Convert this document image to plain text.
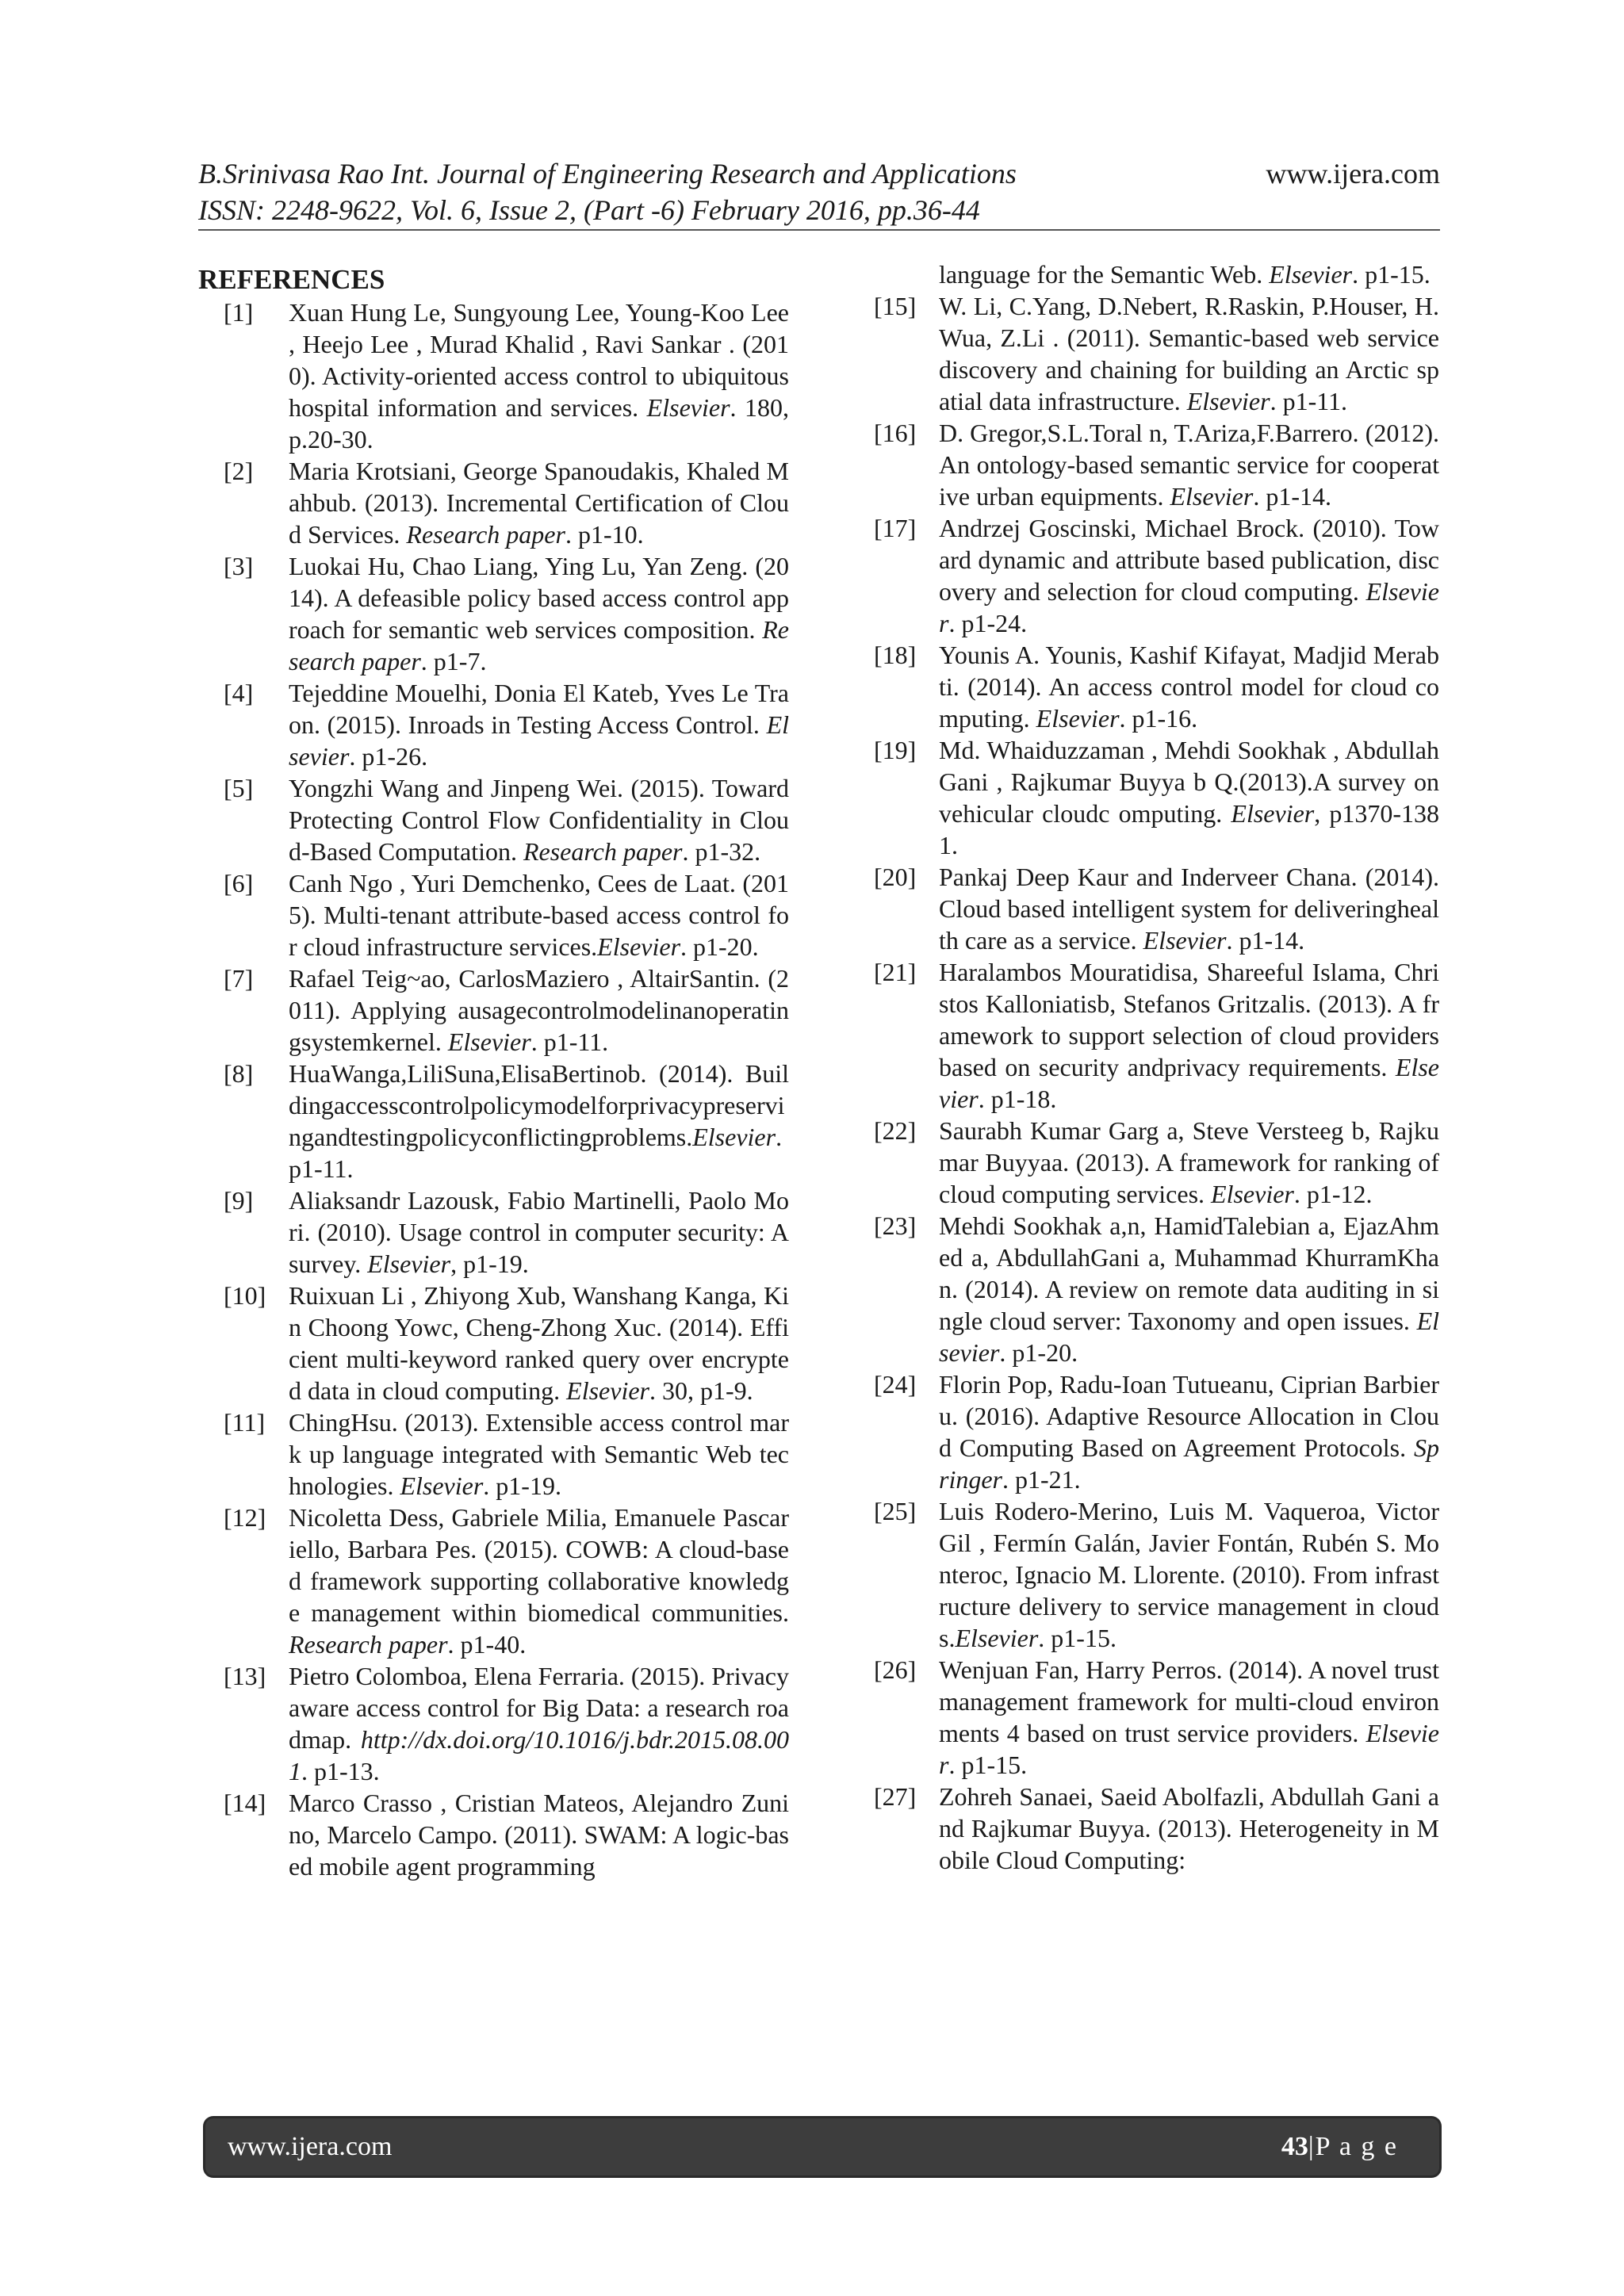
B.Srinivasa Rao Int. Journal of Engineering Research and Applications	www.ijera.com
ISSN: 2248-9622, Vol. 6, Issue 2, (Part -6) February 2016, pp.36-44
REFERENCES
[1]	Xuan Hung Le, Sungyoung Lee, Young-Koo Lee , Heejo Lee , Murad Khalid , Ravi Sankar . (2010). Activity-oriented access control to ubiquitous hospital information and services. Elsevier. 180, p.20-30.
[2]	Maria Krotsiani, George Spanoudakis, Khaled Mahbub. (2013). Incremental Certification of Cloud Services. Research paper. p1-10.
[3]	Luokai Hu, Chao Liang, Ying Lu, Yan Zeng. (2014). A defeasible policy based access control approach for semantic web services composition. Research paper. p1-7.
[4]	Tejeddine Mouelhi, Donia El Kateb, Yves Le Traon. (2015). Inroads in Testing Access Control. Elsevier. p1-26.
[5]	Yongzhi Wang and Jinpeng Wei. (2015). Toward Protecting Control Flow Confidentiality in Cloud-Based Computation. Research paper. p1-32.
[6]	Canh Ngo , Yuri Demchenko, Cees de Laat. (2015). Multi-tenant attribute-based access control for cloud infrastructure services.Elsevier. p1-20.
[7]	Rafael Teig~ao, CarlosMaziero , AltairSantin. (2011). Applying ausagecontrolmodelinanoperatingsystemkernel. Elsevier. p1-11.
[8]	HuaWanga,LiliSuna,ElisaBertinob. (2014). Buildingaccesscontrolpolicymodelforprivacypreservingandtestingpolicyconflictingproblems.Elsevier. p1-11.
[9]	Aliaksandr Lazousk, Fabio Martinelli, Paolo Mori. (2010). Usage control in computer security: A survey. Elsevier, p1-19.
[10] Ruixuan Li , Zhiyong Xub, Wanshang Kanga, Kin Choong Yowc, Cheng-Zhong Xuc. (2014). Efficient multi-keyword ranked query over encrypted data in cloud computing. Elsevier. 30, p1-9.
[11] ChingHsu. (2013). Extensible access control mark up language integrated with Semantic Web technologies. Elsevier. p1-19.
[12] Nicoletta Dess, Gabriele Milia, Emanuele Pascariello, Barbara Pes. (2015). COWB: A cloud-based framework supporting collaborative knowledge management within biomedical communities. Research paper. p1-40.
[13] Pietro Colomboa, Elena Ferraria. (2015). Privacy aware access control for Big Data: a research roadmap. http://dx.doi.org/10.1016/j.bdr.2015.08.001. p1-13.
[14] Marco Crasso , Cristian Mateos, Alejandro Zunino, Marcelo Campo. (2011). SWAM: A logic-based mobile agent programming
language for the Semantic Web. Elsevier. p1-15.
[15] W. Li, C.Yang, D.Nebert, R.Raskin, P.Houser, H.Wua, Z.Li . (2011). Semantic-based web service discovery and chaining for building an Arctic spatial data infrastructure. Elsevier. p1-11.
[16] D. Gregor,S.L.Toral n, T.Ariza,F.Barrero. (2012). An ontology-based semantic service for cooperative urban equipments. Elsevier. p1-14.
[17] Andrzej Goscinski, Michael Brock. (2010). Toward dynamic and attribute based publication, discovery and selection for cloud computing. Elsevier. p1-24.
[18] Younis A. Younis, Kashif Kifayat, Madjid Merabti. (2014). An access control model for cloud computing. Elsevier. p1-16.
[19] Md. Whaiduzzaman , Mehdi Sookhak , AbdullahGani , Rajkumar Buyya b Q.(2013).A survey on vehicular cloudc omputing. Elsevier, p1370-1381.
[20] Pankaj Deep Kaur and Inderveer Chana. (2014). Cloud based intelligent system for deliveringhealth care as a service. Elsevier. p1-14.
[21] Haralambos Mouratidisa, Shareeful Islama, Christos Kalloniatisb, Stefanos Gritzalis. (2013). A framework to support selection of cloud providers based on security andprivacy requirements. Elsevier. p1-18.
[22] Saurabh Kumar Garg a, Steve Versteeg b, Rajkumar Buyyaa. (2013). A framework for ranking of cloud computing services. Elsevier. p1-12.
[23] Mehdi Sookhak a,n, HamidTalebian a, EjazAhmed a, AbdullahGani a, Muhammad KhurramKhan. (2014). A review on remote data auditing in single cloud server: Taxonomy and open issues. Elsevier. p1-20.
[24] Florin Pop, Radu-Ioan Tutueanu, Ciprian Barbieru. (2016). Adaptive Resource Allocation in Cloud Computing Based on Agreement Protocols. Springer. p1-21.
[25] Luis Rodero-Merino, Luis M. Vaqueroa, Victor Gil , Fermín Galán, Javier Fontán, Rubén S. Monteroc, Ignacio M. Llorente. (2010). From infrastructure delivery to service management in clouds.Elsevier. p1-15.
[26] Wenjuan Fan, Harry Perros. (2014). A novel trust management framework for multi-cloud environments 4 based on trust service providers. Elsevier. p1-15.
[27] Zohreh Sanaei, Saeid Abolfazli, Abdullah Gani and Rajkumar Buyya. (2013). Heterogeneity in Mobile Cloud Computing:
www.ijera.com	43|P a g e
